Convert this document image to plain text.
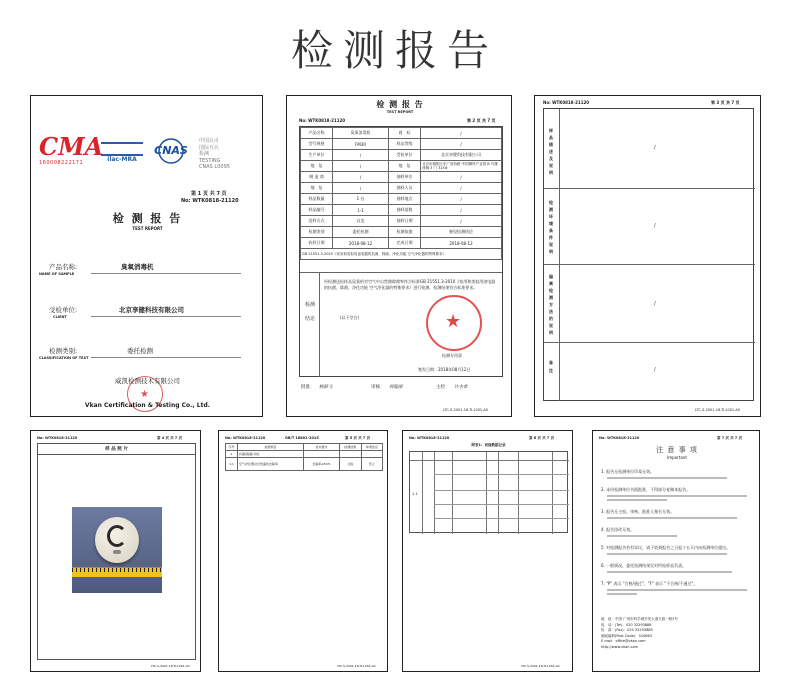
检测报告
CMA
160008222171	ilac-MRA
CNAS
中国认可
国际互认
检测
TESTING
CNAS L0095
第 1 页 共 7 页
No: WTK0818-21120
检 测 报 告
TEST REPORT
产品名称:
NAME OF SAMPLE
臭氧消毒机
受检单位:
CLIENT
北京享健科技有限公司
检测类别:
CLASSIFICATION OF TEST
委托检测
★
威凯检测技术有限公司
Vkan Certification & Testing Co., Ltd.
检 测 报 告
TEST REPORT
No: WTK0818-21120	第 2 页 共 7 页
产品名称	臭氧消毒机	商　标	/
型号规格	FM30	样品等级	/
生产单位	/	受检单位	北京享健科技有限公司
地　址	/	地　址	北京市朝阳区东广营西路·中国御风产业园 B 号楼西侧 3 门 315#
制 造 商	/	抽样单位	/
地　址	/	抽样人员	/
样品数量	1 台	抽样地点	/
样品编号	1-1	抽样基数	/
送样方式	自送	抽样日期	/
检测类别	委托检测	检测依据	参见检测结论
收样日期	2018-08-12	完成日期	2018-08-12
GB 21551.3-2010《家用和类似用途电器的抗菌、除菌、净化功能 空气净化器的特殊要求》			
检测结论
经检测送检样品臭氧机对空气中自然菌除菌率符合标准GB 21551.3-2010《家用和类似用途电器的抗菌、除菌、净化功能 空气净化器的特殊要求》进行检测，检测结果符合标准要求。
(以下空白)	★
检测专用章
签发日期：2018年08月12日
批准： 杨骄飞	审核： 周聪丽	主检： 许水恭
LTC-S-2001-18-TL1001-A0
No: WTK0818-21120	第 3 页 共 7 页
样品描述及说明
/
检测环境条件说明
/
偏离检测方法的说明
/
备注	/
LTC-S-2001-18-TL1001-A0
No: WTK0818-21120	第 4 页 共 7 页
样 品 照 片
LTC-S-2001-18-TL1001-A0
No: WTK0818-21120	GB/T 18801-2015	第 5 页 共 7 页
序号	检测项目	技术要求	检测结果	单项结论
1	抗菌(除菌)功能			
1.1	空气净化器对自然菌的去除率	去除率≥50%	合格	符合
LTC-S-2001-18-TL1001-A0
No: WTK0818-21120	第 6 页 共 7 页
附表1：试验数据记录
1.1
LTC-S-2001-18-TL1001-A0
No: WTK0818-21120	第 7 页 共 7 页
注 意 事 项
Important
1. 报告无检测单位印章无效。
2. 未经检测单位书面批准，不得部分复制本报告。
3. 报告无主检、审核、批准人签名无效。
4. 报告涂改无效。
5. 对检测报告若有异议，请于收到报告之日起十五天内向检测单位提出。
6. 一般情况，委托检测结果仅对所检样品负责。
7. "P" 表示 "合格/通过"，"F" 表示 "不合格/不通过"。
地　址：中国 广州市科学城开发大道天源一路3号
电　话：(Tel)：020 32293888
传　真：(Fax)：020 32293889
邮政编码(Post Code)：510663
E-mail：office@vkan.com
http://www.vkan.com
